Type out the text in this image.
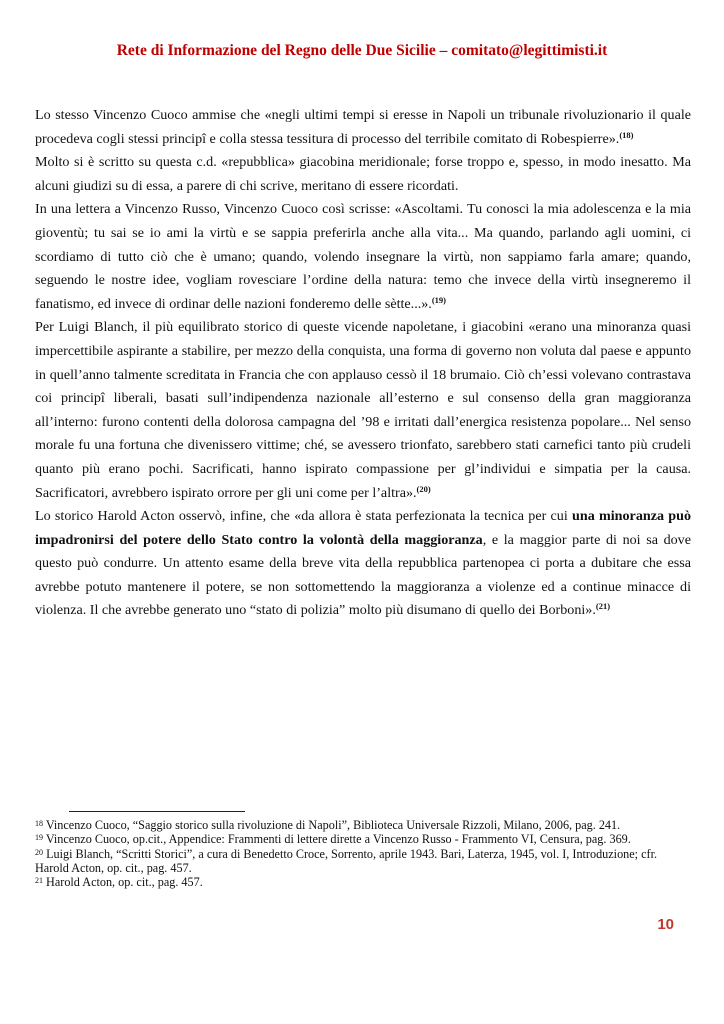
Rete di Informazione del Regno delle Due Sicilie – comitato@legittimisti.it

Lo stesso Vincenzo Cuoco ammise che «negli ultimi tempi si eresse in Napoli un tribunale rivoluzionario il quale procedeva cogli stessi principî e colla stessa tessitura di processo del terribile comitato di Robespierre».$^{(18)}$

Molto si è scritto su questa c.d. «repubblica» giacobina meridionale; forse troppo e, spesso, in modo inesatto. Ma alcuni giudizi su di essa, a parere di chi scrive, meritano di essere ricordati.

In una lettera a Vincenzo Russo, Vincenzo Cuoco così scrisse: «Ascoltami. Tu conosci la mia adolescenza e la mia gioventù; tu sai se io ami la virtù e se sappia preferirla anche alla vita... Ma quando, parlando agli uomini, ci scordiamo di tutto ciò che è umano; quando, volendo insegnare la virtù, non sappiamo farla amare; quando, seguendo le nostre idee, vogliam rovesciare l’ordine della natura: temo che invece della virtù insegneremo il fanatismo, ed invece di ordinar delle nazioni fonderemo delle sètte...».$^{(19)}$

Per Luigi Blanch, il più equilibrato storico di queste vicende napoletane, i giacobini «erano una minoranza quasi impercettibile aspirante a stabilire, per mezzo della conquista, una forma di governo non voluta dal paese e appunto in quell’anno talmente screditata in Francia che con applauso cessò il 18 brumaio. Ciò ch’essi volevano contrastava coi principî liberali, basati sull’indipendenza nazionale all’esterno e sul consenso della gran maggioranza all’interno: furono contenti della dolorosa campagna del ’98 e irritati dall’energica resistenza popolare... Nel senso morale fu una fortuna che divenissero vittime; ché, se avessero trionfato, sarebbero stati carnefici tanto più crudeli quanto più erano pochi. Sacrificati, hanno ispirato compassione per gl’individui e simpatia per la causa. Sacrificatori, avrebbero ispirato orrore per gli uni come per l’altra».$^{(20)}$

Lo storico Harold Acton osservò, infine, che «da allora è stata perfezionata la tecnica per cui una minoranza può impadronirsi del potere dello Stato contro la volontà della maggioranza, e la maggior parte di noi sa dove questo può condurre. Un attento esame della breve vita della repubblica partenopea ci porta a dubitare che essa avrebbe potuto mantenere il potere, se non sottomettendo la maggioranza a violenze ed a continue minacce di violenza. Il che avrebbe generato uno “stato di polizia” molto più disumano di quello dei Borboni».$^{(21)}$

$^{18}$ Vincenzo Cuoco, “Saggio storico sulla rivoluzione di Napoli”, Biblioteca Universale Rizzoli, Milano, 2006, pag. 241.

$^{19}$ Vincenzo Cuoco, op.cit., Appendice: Frammenti di lettere dirette a Vincenzo Russo - Frammento VI, Censura, pag. 369.

$^{20}$ Luigi Blanch, “Scritti Storici”, a cura di Benedetto Croce, Sorrento, aprile 1943. Bari, Laterza, 1945, vol. I, Introduzione; cfr. Harold Acton, op. cit., pag. 457.

$^{21}$ Harold Acton, op. cit., pag. 457.

10
